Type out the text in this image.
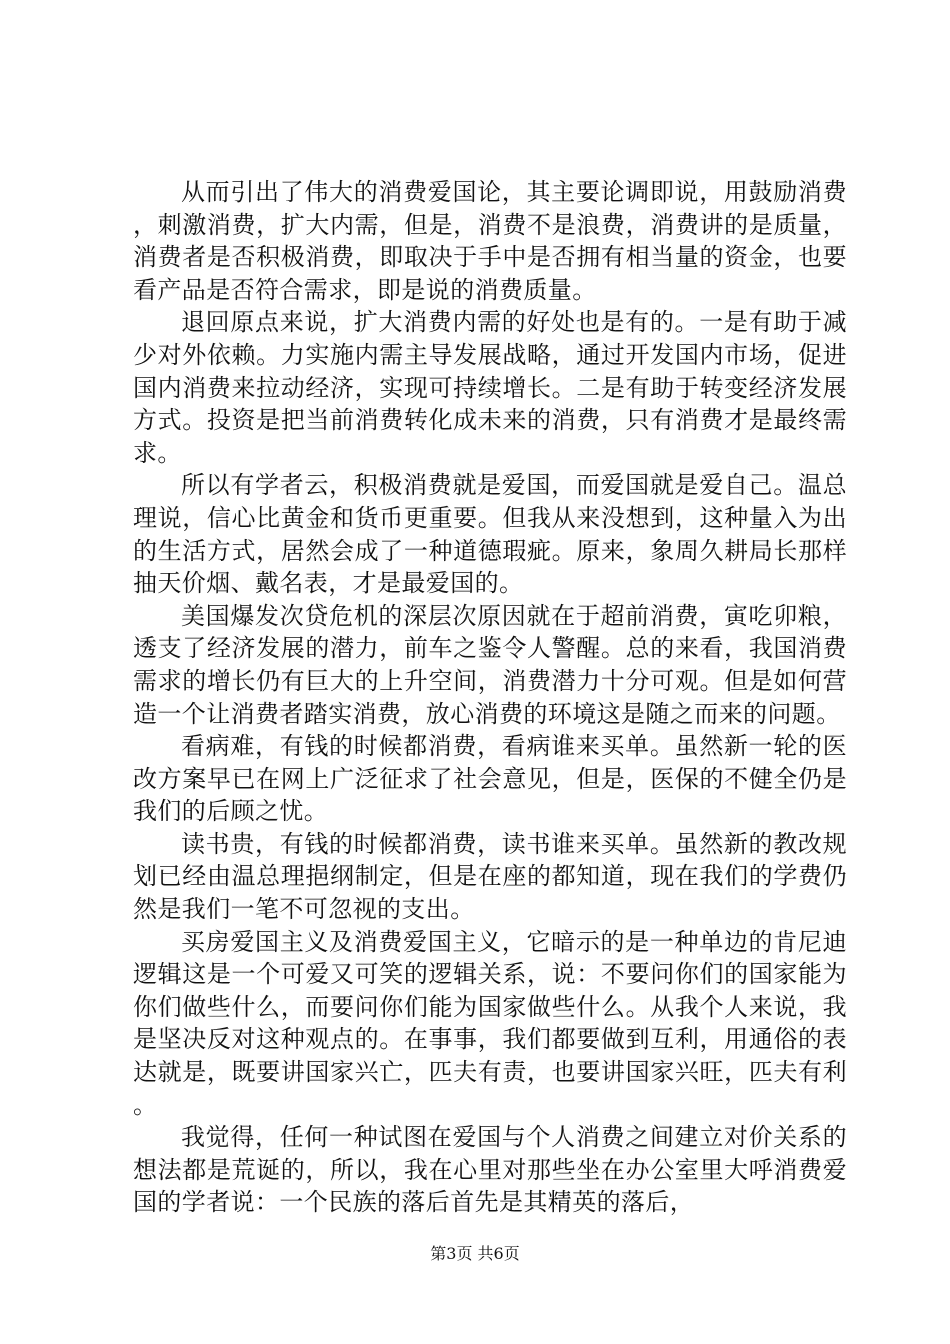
从而引出了伟大的消费爱国论，其主要论调即说，用鼓励消费，刺激消费，扩大内需，但是，消费不是浪费，消费讲的是质量，消费者是否积极消费，即取决于手中是否拥有相当量的资金，也要看产品是否符合需求，即是说的消费质量。

退回原点来说，扩大消费内需的好处也是有的。一是有助于减少对外依赖。力实施内需主导发展战略，通过开发国内市场，促进国内消费来拉动经济，实现可持续增长。二是有助于转变经济发展方式。投资是把当前消费转化成未来的消费，只有消费才是最终需求。

所以有学者云，积极消费就是爱国，而爱国就是爱自己。温总理说，信心比黄金和货币更重要。但我从来没想到，这种量入为出的生活方式，居然会成了一种道德瑕疵。原来，象周久耕局长那样抽天价烟、戴名表，才是最爱国的。

美国爆发次贷危机的深层次原因就在于超前消费，寅吃卯粮，透支了经济发展的潜力，前车之鉴令人警醒。总的来看，我国消费需求的增长仍有巨大的上升空间，消费潜力十分可观。但是如何营造一个让消费者踏实消费，放心消费的环境这是随之而来的问题。

看病难，有钱的时候都消费，看病谁来买单。虽然新一轮的医改方案早已在网上广泛征求了社会意见，但是，医保的不健全仍是我们的后顾之忧。

读书贵，有钱的时候都消费，读书谁来买单。虽然新的教改规划已经由温总理挹纲制定，但是在座的都知道，现在我们的学费仍然是我们一笔不可忽视的支出。

买房爱国主义及消费爱国主义，它暗示的是一种单边的肯尼迪逻辑这是一个可爱又可笑的逻辑关系，说：不要问你们的国家能为你们做些什么，而要问你们能为国家做些什么。从我个人来说，我是坚决反对这种观点的。在事事，我们都要做到互利，用通俗的表达就是，既要讲国家兴亡，匹夫有责，也要讲国家兴旺，匹夫有利。

我觉得，任何一种试图在爱国与个人消费之间建立对价关系的想法都是荒诞的，所以，我在心里对那些坐在办公室里大呼消费爱国的学者说：一个民族的落后首先是其精英的落后，

第3页 共6页
